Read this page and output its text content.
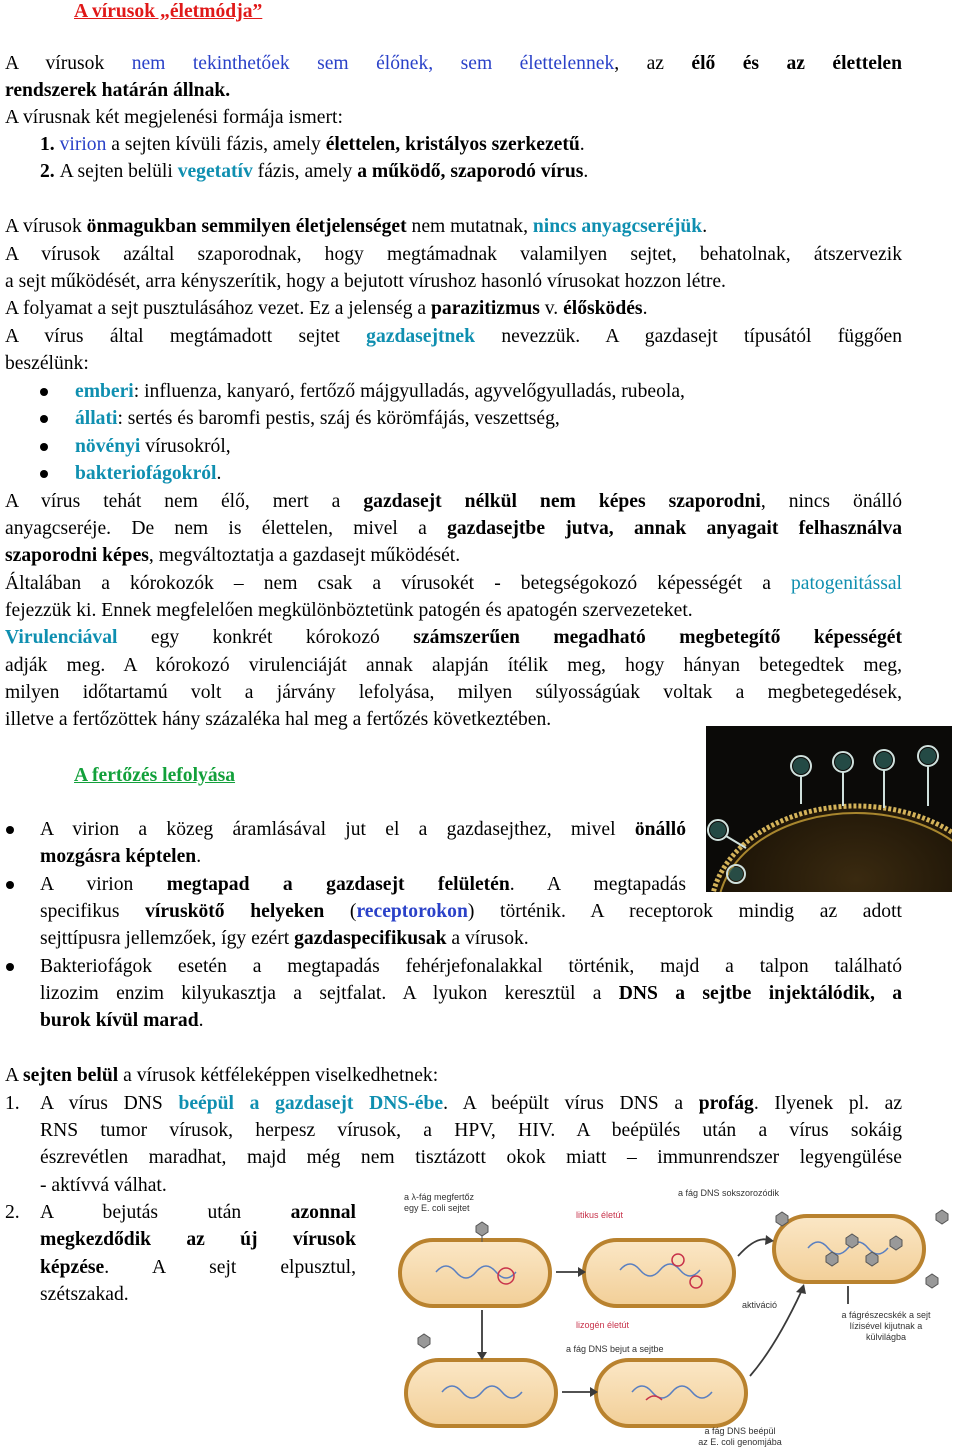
A vírusok „életmódja”
A vírusok nem tekinthetőek sem élőnek, sem élettelennek, az élő és az élettelen
rendszerek határán állnak.
A vírusnak két megjelenési formája ismert:
1. virion a sejten kívüli fázis, amely élettelen, kristályos szerkezetű.
2. A sejten belüli vegetatív fázis, amely a működő, szaporodó vírus.
A vírusok önmagukban semmilyen életjelenséget nem mutatnak, nincs anyagcseréjük.
A vírusok azáltal szaporodnak, hogy megtámadnak valamilyen sejtet, behatolnak, átszervezik
a sejt működését, arra kényszerítik, hogy a bejutott vírushoz hasonló vírusokat hozzon létre.
A folyamat a sejt pusztulásához vezet. Ez a jelenség a parazitizmus v. élősködés.
A vírus által megtámadott sejtet gazdasejtnek nevezzük. A gazdasejt típusától függően
beszélünk:
emberi: influenza, kanyaró, fertőző májgyulladás, agyvelőgyulladás, rubeola,
állati: sertés és baromfi pestis, száj és körömfájás, veszettség,
növényi vírusokról,
bakteriofágokról.
A vírus tehát nem élő, mert a gazdasejt nélkül nem képes szaporodni, nincs önálló
anyagcseréje. De nem is élettelen, mivel a gazdasejtbe jutva, annak anyagait felhasználva
szaporodni képes, megváltoztatja a gazdasejt működését.
Általában a kórokozók – nem csak a vírusokét - betegségokozó képességét a patogenitással
fejezzük ki. Ennek megfelelően megkülönböztetünk patogén és apatogén szervezeteket.
Virulenciával egy konkrét kórokozó számszerűen megadható megbetegítő képességét
adják meg. A kórokozó virulenciáját annak alapján ítélik meg, hogy hányan betegedtek meg,
milyen időtartamú volt a járvány lefolyása, milyen súlyosságúak voltak a megbetegedések,
illetve a fertőzöttek hány százaléka hal meg a fertőzés következtében.
A fertőzés lefolyása
A virion a közeg áramlásával jut el a gazdasejthez, mivel önálló
mozgásra képtelen.
A virion megtapad a gazdasejt felületén. A megtapadás
specifikus víruskötő helyeken (receptorokon) történik. A receptorok mindig az adott
sejttípusra jellemzőek, így ezért gazdaspecifikusak a vírusok.
Bakteriofágok esetén a megtapadás fehérjefonalakkal történik, majd a talpon található
lizozim enzim kilyukasztja a sejtfalat. A lyukon keresztül a DNS a sejtbe injektálódik, a
burok kívül marad.
A sejten belül a vírusok kétféleképpen viselkedhetnek:
1. A vírus DNS beépül a gazdasejt DNS-ébe. A beépült vírus DNS a profág. Ilyenek pl. az
RNS tumor vírusok, herpesz vírusok, a HPV, HIV. A beépülés után a vírus sokáig
észrevétlen maradhat, majd még nem tisztázott okok miatt – immunrendszer legyengülése
- aktívvá válhat.
2. A bejutás után azonnal
megkezdődik az új vírusok
képzése. A sejt elpusztul,
szétszakad.
a λ-fág megfertőz
egy E. coli sejtet
a fág DNS sokszorozódik
litikus életút
aktiváció
a fág DNS bejut a sejtbe
lizogén életút
a fágrészecskék a sejt
lízisével kijutnak a
külvilágba
a fág DNS beépül
az E. coli genomjába
